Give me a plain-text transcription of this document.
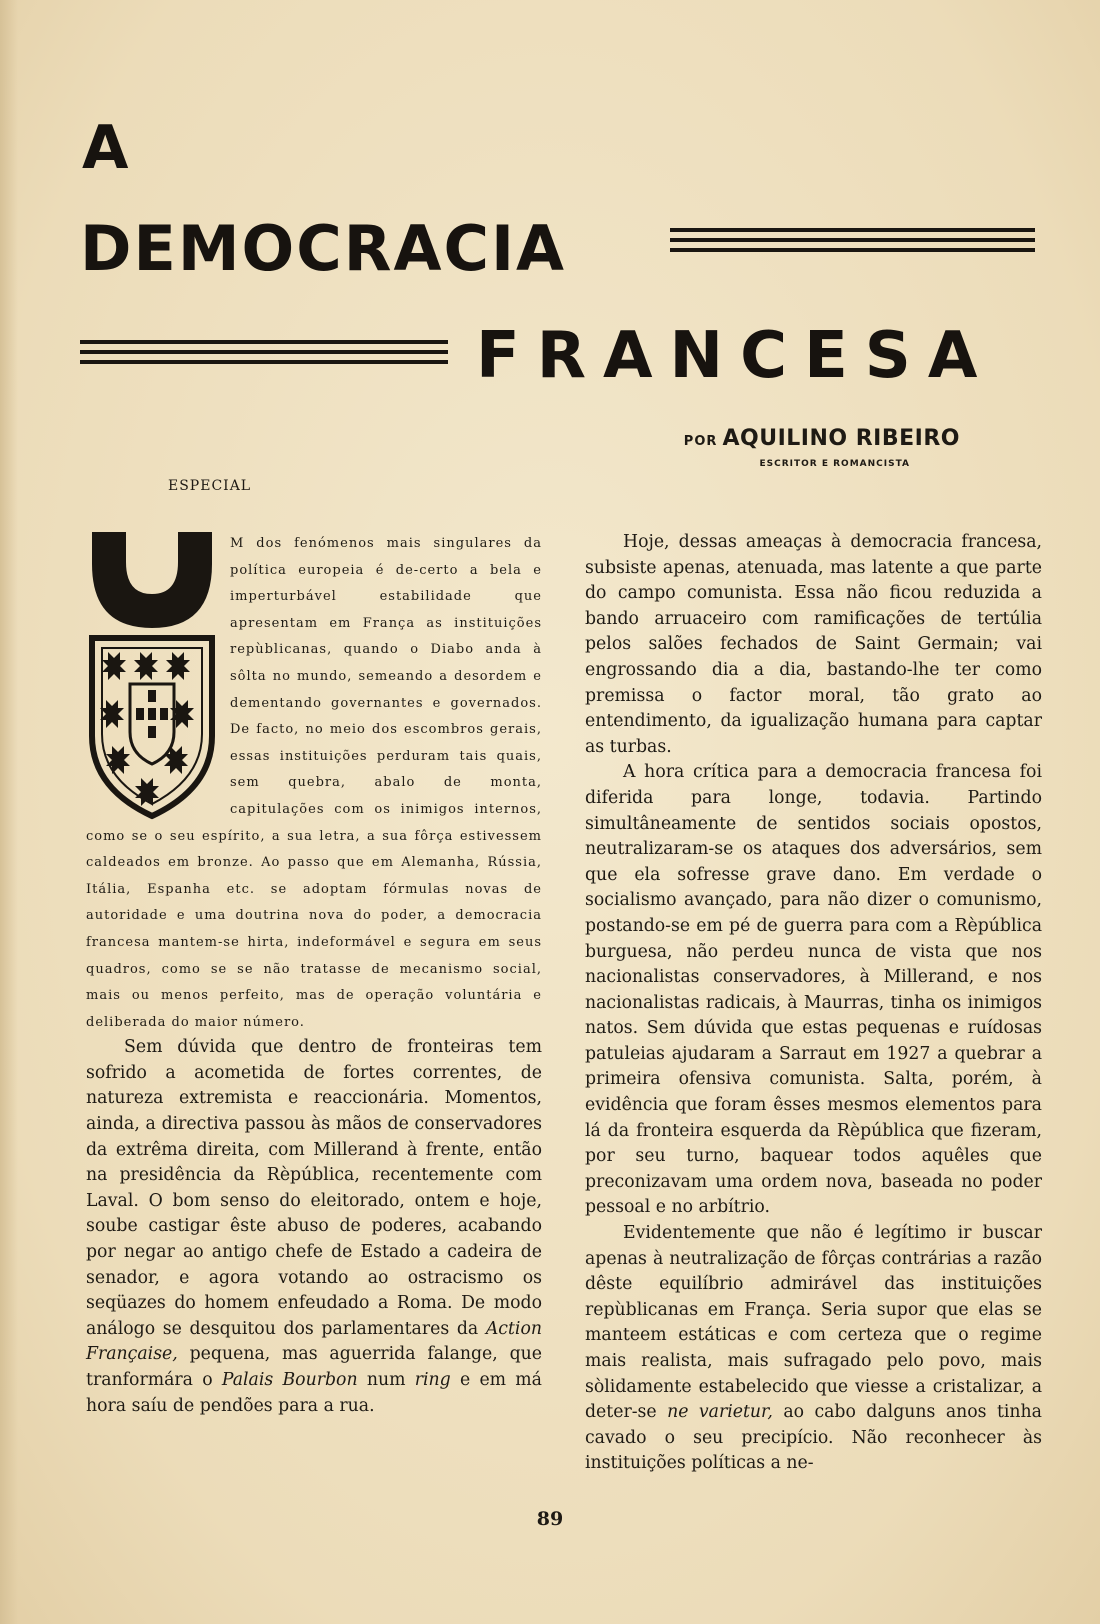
A
DEMOCRACIA
FRANCESA
POR AQUILINO RIBEIRO
ESCRITOR E ROMANCISTA
ESPECIAL

M dos fenómenos mais singulares da política europeia é de-certo a bela e imperturbável estabilidade que apresentam em França as instituições repùblicanas, quando o Diabo anda à sôlta no mundo, semeando a desordem e dementando governantes e governados. De facto, no meio dos escombros gerais, essas instituições perduram tais quais, sem quebra, abalo de monta, capitulações com os inimigos internos, como se o seu espírito, a sua letra, a sua fôrça estivessem caldeados em bronze. Ao passo que em Alemanha, Rússia, Itália, Espanha etc. se adoptam fórmulas novas de autoridade e uma doutrina nova do poder, a democracia francesa mantem-se hirta, indeformável e segura em seus quadros, como se se não tratasse de mecanismo social, mais ou menos perfeito, mas de operação voluntária e deliberada do maior número.

Sem dúvida que dentro de fronteiras tem sofrido a acometida de fortes correntes, de natureza extremista e reaccionária. Momentos, ainda, a directiva passou às mãos de conservadores da extrêma direita, com Millerand à frente, então na presidência da Rèpública, recentemente com Laval. O bom senso do eleitorado, ontem e hoje, soube castigar êste abuso de poderes, acabando por negar ao antigo chefe de Estado a cadeira de senador, e agora votando ao ostracismo os seqüazes do homem enfeudado a Roma. De modo análogo se desquitou dos parlamentares da Action Française, pequena, mas aguerrida falange, que tranformára o Palais Bourbon num ring e em má hora saíu de pendões para a rua.

Hoje, dessas ameaças à democracia francesa, subsiste apenas, atenuada, mas latente a que parte do campo comunista. Essa não ficou reduzida a bando arruaceiro com ramificações de tertúlia pelos salões fechados de Saint Germain; vai engrossando dia a dia, bastando-lhe ter como premissa o factor moral, tão grato ao entendimento, da igualização humana para captar as turbas.

A hora crítica para a democracia francesa foi diferida para longe, todavia. Partindo simultâneamente de sentidos sociais opostos, neutralizaram-se os ataques dos adversários, sem que ela sofresse grave dano. Em verdade o socialismo avançado, para não dizer o comunismo, postando-se em pé de guerra para com a Rèpública burguesa, não perdeu nunca de vista que nos nacionalistas conservadores, à Millerand, e nos nacionalistas radicais, à Maurras, tinha os inimigos natos. Sem dúvida que estas pequenas e ruídosas patuleias ajudaram a Sarraut em 1927 a quebrar a primeira ofensiva comunista. Salta, porém, à evidência que foram êsses mesmos elementos para lá da fronteira esquerda da Rèpública que fizeram, por seu turno, baquear todos aquêles que preconizavam uma ordem nova, baseada no poder pessoal e no arbítrio.

Evidentemente que não é legítimo ir buscar apenas à neutralização de fôrças contrárias a razão dêste equilíbrio admirável das instituições repùblicanas em França. Seria supor que elas se manteem estáticas e com certeza que o regime mais realista, mais sufragado pelo povo, mais sòlidamente estabelecido que viesse a cristalizar, a deter-se ne varietur, ao cabo dalguns anos tinha cavado o seu precipício. Não reconhecer às instituições políticas a ne-

89
